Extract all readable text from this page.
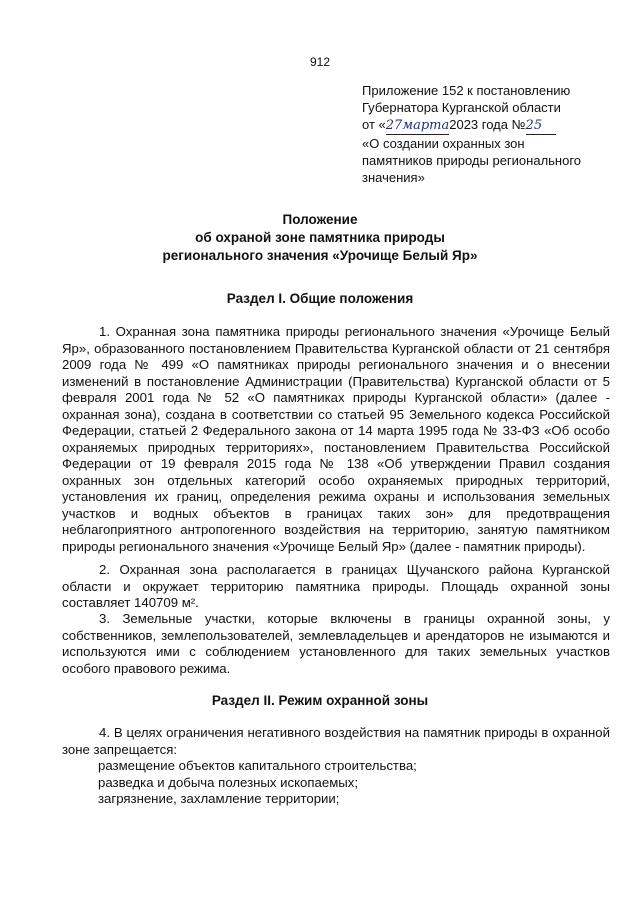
912
Приложение 152 к постановлению
Губернатора Курганской области
от «27марта2023 года №25
«О создании охранных зон
памятников природы регионального
значения»
Положение
об охраной зоне памятника природы
регионального значения «Урочище Белый Яр»
Раздел I. Общие положения

1. Охранная зона памятника природы регионального значения «Урочище Белый Яр», образованного постановлением Правительства Курганской области от 21 сентября 2009 года № 499 «О памятниках природы регионального значения и о внесении изменений в постановление Администрации (Правительства) Курганской области от 5 февраля 2001 года № 52 «О памятниках природы Курганской области» (далее - охранная зона), создана в соответствии со статьей 95 Земельного кодекса Российской Федерации, статьей 2 Федерального закона от 14 марта 1995 года № 33-ФЗ «Об особо охраняемых природных территориях», постановлением Правительства Российской Федерации от 19 февраля 2015 года № 138 «Об утверждении Правил создания охранных зон отдельных категорий особо охраняемых природных территорий, установления их границ, определения режима охраны и использования земельных участков и водных объектов в границах таких зон» для предотвращения неблагоприятного антропогенного воздействия на территорию, занятую памятником природы регионального значения «Урочище Белый Яр» (далее - памятник природы).

2. Охранная зона располагается в границах Щучанского района Курганской области и окружает территорию памятника природы. Площадь охранной зоны составляет 140709 м².

3. Земельные участки, которые включены в границы охранной зоны, у собственников, землепользователей, землевладельцев и арендаторов не изымаются и используются ими с соблюдением установленного для таких земельных участков особого правового режима.

Раздел II. Режим охранной зоны

4. В целях ограничения негативного воздействия на памятник природы в охранной зоне запрещается:

размещение объектов капитального строительства;
разведка и добыча полезных ископаемых;
загрязнение, захламление территории;
